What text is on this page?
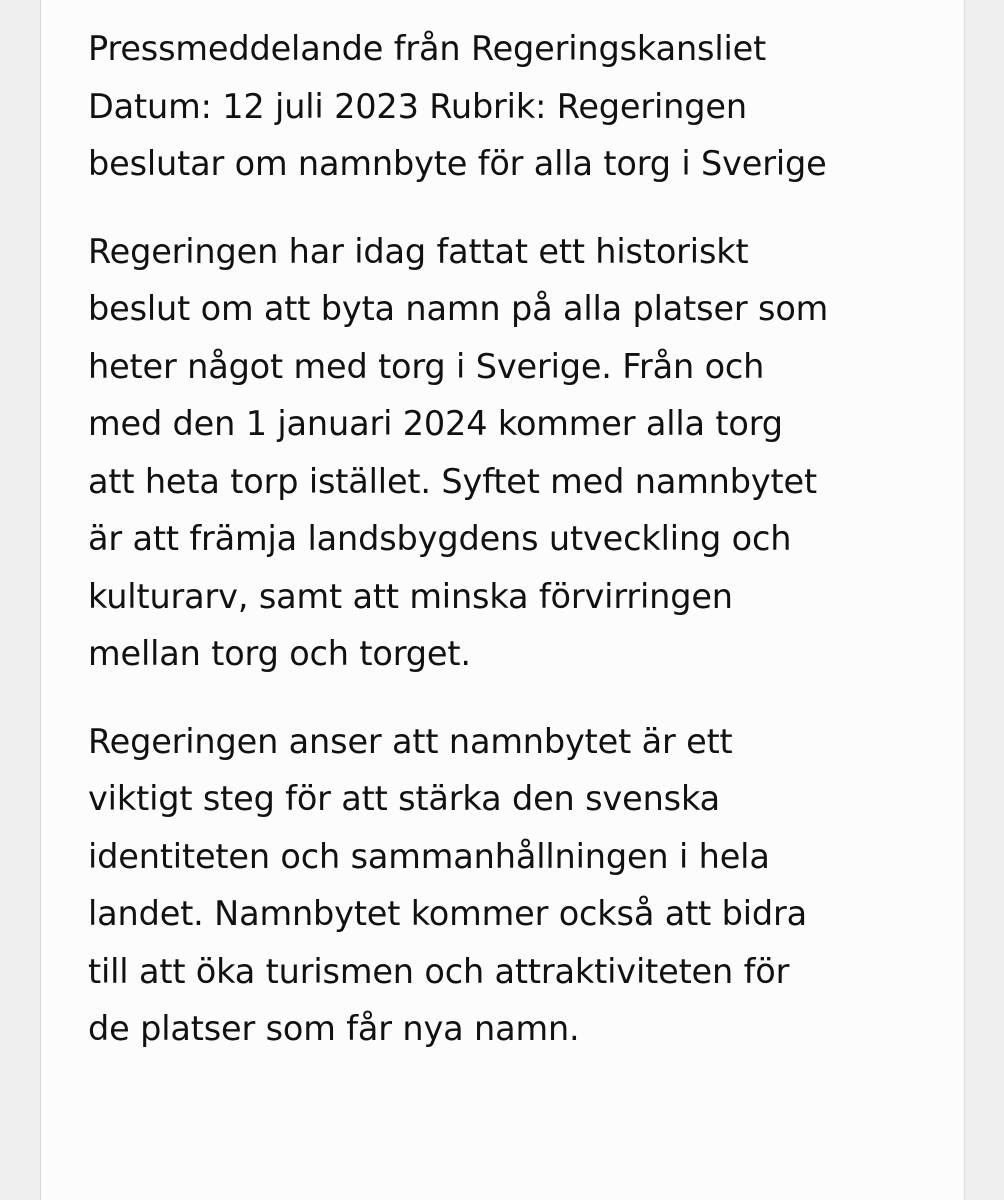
Pressmeddelande från Regeringskansliet
Datum: 12 juli 2023 Rubrik: Regeringen
beslutar om namnbyte för alla torg i Sverige

Regeringen har idag fattat ett historiskt
beslut om att byta namn på alla platser som
heter något med torg i Sverige. Från och
med den 1 januari 2024 kommer alla torg
att heta torp istället. Syftet med namnbytet
är att främja landsbygdens utveckling och
kulturarv, samt att minska förvirringen
mellan torg och torget.

Regeringen anser att namnbytet är ett
viktigt steg för att stärka den svenska
identiteten och sammanhållningen i hela
landet. Namnbytet kommer också att bidra
till att öka turismen och attraktiviteten för
de platser som får nya namn.
